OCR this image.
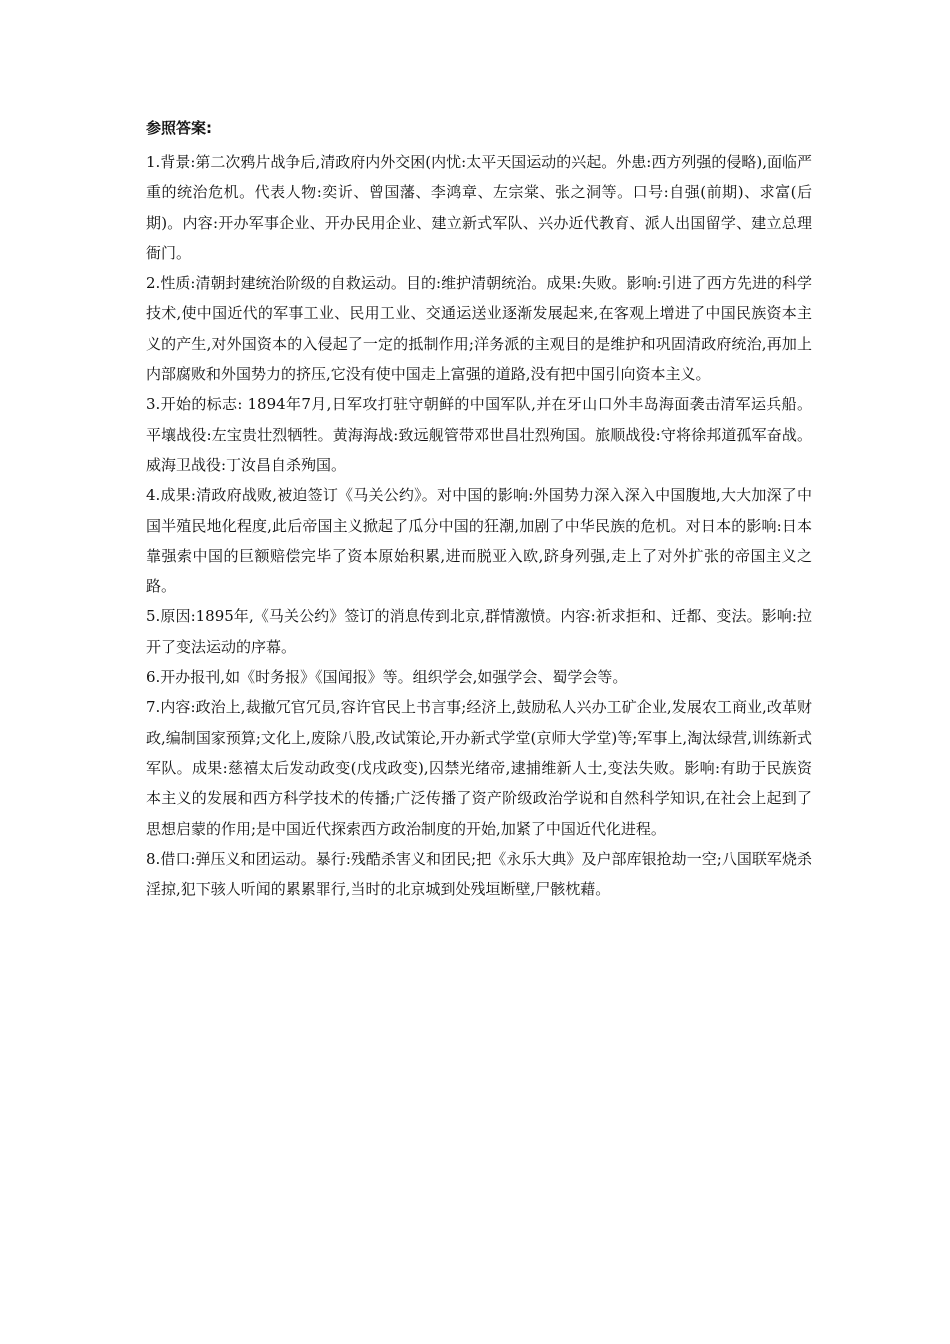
参照答案:

1.背景:第二次鸦片战争后,清政府内外交困(内忧:太平天国运动的兴起。外患:西方列强的侵略),面临严重的统治危机。代表人物:奕䜣、曾国藩、李鸿章、左宗棠、张之洞等。口号:自强(前期)、求富(后期)。内容:开办军事企业、开办民用企业、建立新式军队、兴办近代教育、派人出国留学、建立总理衙门。

2.性质:清朝封建统治阶级的自救运动。目的:维护清朝统治。成果:失败。影响:引进了西方先进的科学技术,使中国近代的军事工业、民用工业、交通运送业逐渐发展起来,在客观上增进了中国民族资本主义的产生,对外国资本的入侵起了一定的抵制作用;洋务派的主观目的是维护和巩固清政府统治,再加上内部腐败和外国势力的挤压,它没有使中国走上富强的道路,没有把中国引向资本主义。

3.开始的标志: 1894年7月,日军攻打驻守朝鲜的中国军队,并在牙山口外丰岛海面袭击清军运兵船。平壤战役:左宝贵壮烈牺牲。黄海海战:致远舰管带邓世昌壮烈殉国。旅顺战役:守将徐邦道孤军奋战。威海卫战役:丁汝昌自杀殉国。

4.成果:清政府战败,被迫签订《马关公约》。对中国的影响:外国势力深入深入中国腹地,大大加深了中国半殖民地化程度,此后帝国主义掀起了瓜分中国的狂潮,加剧了中华民族的危机。对日本的影响:日本靠强索中国的巨额赔偿完毕了资本原始积累,进而脱亚入欧,跻身列强,走上了对外扩张的帝国主义之路。

5.原因:1895年,《马关公约》签订的消息传到北京,群情激愤。内容:祈求拒和、迁都、变法。影响:拉开了变法运动的序幕。

6.开办报刊,如《时务报》《国闻报》等。组织学会,如强学会、蜀学会等。

7.内容:政治上,裁撤冗官冗员,容许官民上书言事;经济上,鼓励私人兴办工矿企业,发展农工商业,改革财政,编制国家预算;文化上,废除八股,改试策论,开办新式学堂(京师大学堂)等;军事上,淘汰绿营,训练新式军队。成果:慈禧太后发动政变(戊戌政变),囚禁光绪帝,逮捕维新人士,变法失败。影响:有助于民族资本主义的发展和西方科学技术的传播;广泛传播了资产阶级政治学说和自然科学知识,在社会上起到了思想启蒙的作用;是中国近代探索西方政治制度的开始,加紧了中国近代化进程。

8.借口:弹压义和团运动。暴行:残酷杀害义和团民;把《永乐大典》及户部库银抢劫一空;八国联军烧杀淫掠,犯下骇人听闻的累累罪行,当时的北京城到处残垣断壁,尸骸枕藉。
